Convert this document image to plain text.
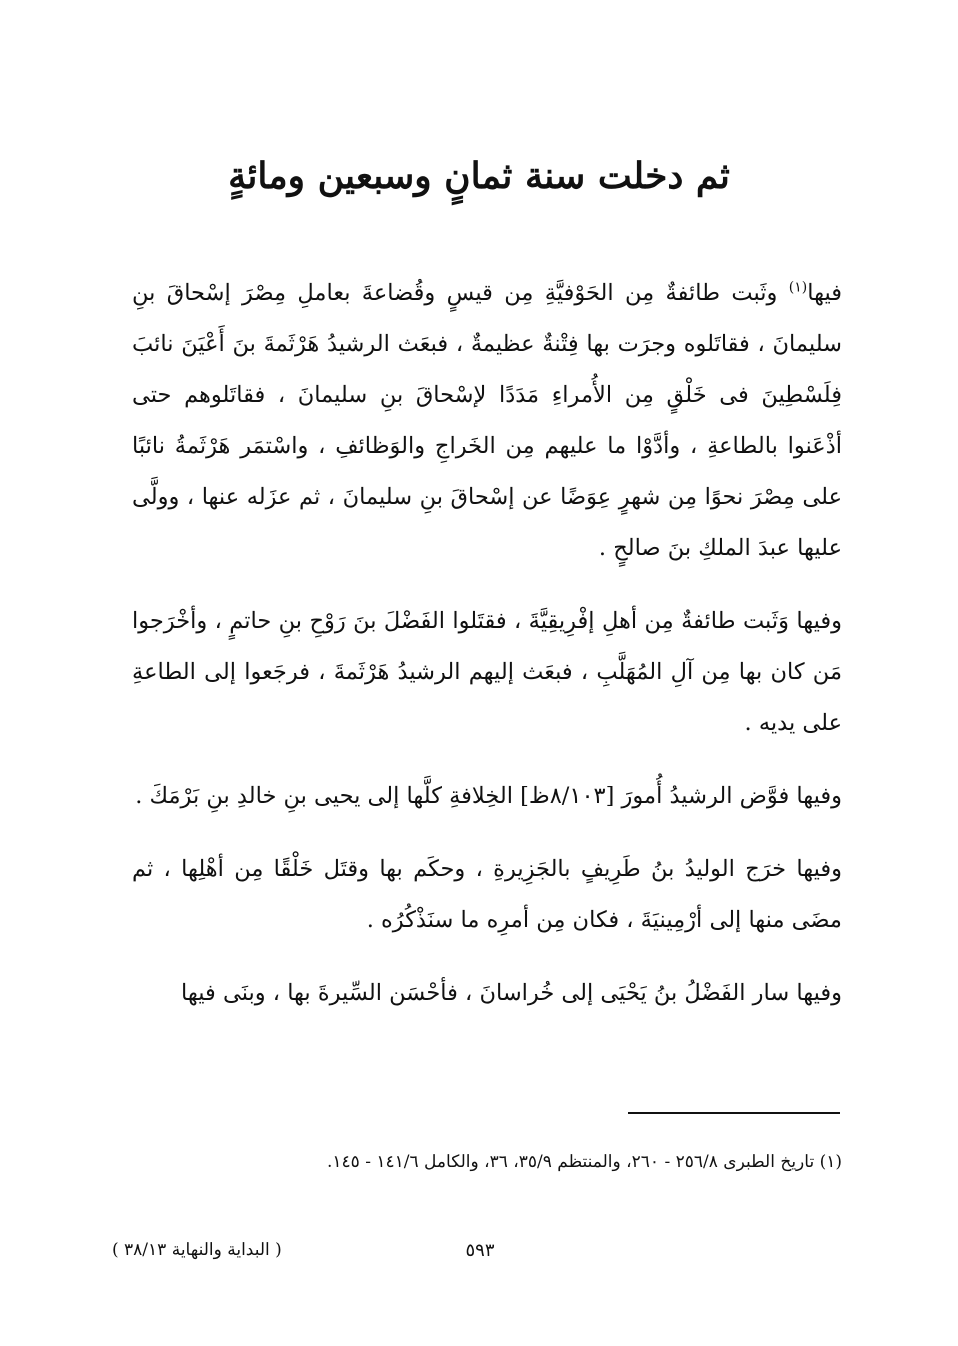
ثم دخلت سنة ثمانٍ وسبعين ومائةٍ

فيها$^{(١)}$ وثَبت طائفةٌ مِن الحَوْفيَّةِ مِن قيسٍ وقُضاعةَ بعاملِ مِصْرَ إسْحاقَ بنِ سليمانَ ، فقاتَلوه وجرَت بها فِتْنةٌ عظيمةٌ ، فبعَث الرشيدُ هَرْثَمةَ بنَ أَعْيَنَ نائبَ فِلَسْطِينَ فى خَلْقٍ مِن الأُمراءِ مَدَدًا لإسْحاقَ بنِ سليمانَ ، فقاتَلوهم حتى أذْعَنوا بالطاعةِ ، وأدَّوْا ما عليهم مِن الخَراجِ والوَظائفِ ، واسْتمَر هَرْثَمةُ نائبًا على مِصْرَ نحوًا مِن شهرٍ عِوَضًا عن إسْحاقَ بنِ سليمانَ ، ثم عزَله عنها ، وولَّى عليها عبدَ الملكِ بنَ صالحٍ .

وفيها وَثَبت طائفةٌ مِن أهلِ إفْرِيقِيَّةَ ، فقتَلوا الفَضْلَ بنَ رَوْحِ بنِ حاتمٍ ، وأخْرَجوا مَن كان بها مِن آلِ المُهَلَّبِ ، فبعَث إليهم الرشيدُ هَرْثَمةَ ، فرجَعوا إلى الطاعةِ على يديه .

وفيها فوَّض الرشيدُ أُمورَ [٨/١٠٣ظ] الخِلافةِ كلَّها إلى يحيى بنِ خالدِ بنِ بَرْمَكَ .

وفيها خرَج الوليدُ بنُ طَرِيفٍ بالجَزِيرةِ ، وحكَم بها وقتَل خَلْقًا مِن أهْلِها ، ثم مضَى منها إلى أرْمِينيَةَ ، فكان مِن أمرِه ما سنَذْكُرُه .

وفيها سار الفَضْلُ بنُ يَحْيَى إلى خُراسانَ ، فأحْسَن السِّيرةَ بها ، وبنَى فيها

(١) تاريخ الطبرى ٢٥٦/٨ - ٢٦٠، والمنتظم ٣٥/٩، ٣٦، والكامل ١٤١/٦ - ١٤٥.
٥٩٣
( البداية والنهاية ٣٨/١٣ )
